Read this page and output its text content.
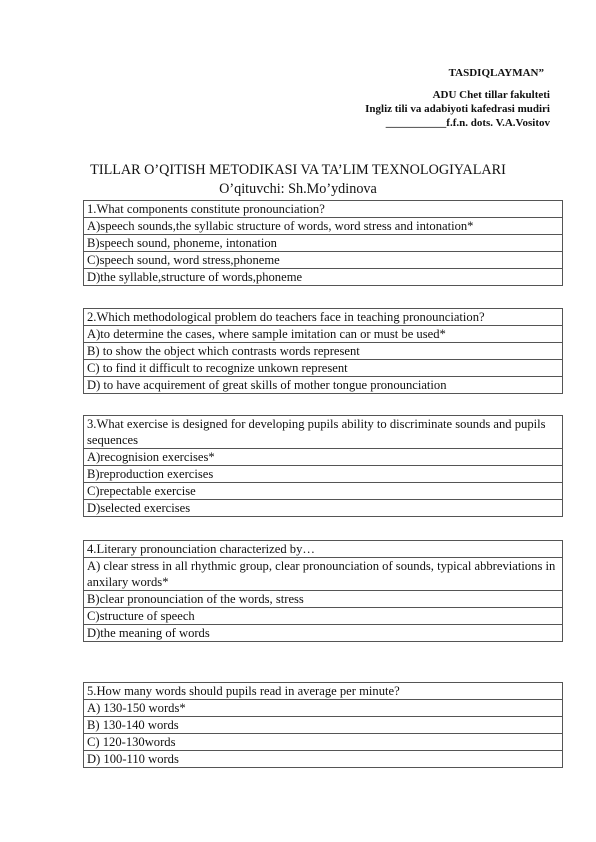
TASDIQLAYMAN”
ADU Chet tillar fakulteti
Ingliz tili va adabiyoti kafedrasi mudiri
___________f.f.n. dots. V.A.Vositov
TILLAR O’QITISH METODIKASI VA TA’LIM TEXNOLOGIYALARI
O’qituvchi: Sh.Mo’ydinova
1.What components constitute pronounciation?
A)speech sounds,the syllabic structure of words, word stress and intonation*
B)speech sound, phoneme, intonation
C)speech sound, word stress,phoneme
D)the syllable,structure of words,phoneme
2.Which methodological problem do teachers face in teaching pronounciation?
A)to determine the cases, where sample imitation can or must be used*
B) to show the object which contrasts words represent
C) to find it difficult to recognize unkown represent
D) to have acquirement of great skills of mother tongue pronounciation
3.What exercise is designed for developing pupils ability to discriminate sounds and pupils sequences
A)recognision exercises*
B)reproduction exercises
C)repectable exercise
D)selected exercises
4.Literary pronounciation characterized by…
A) clear stress in all rhythmic group, clear pronounciation of sounds, typical abbreviations in anxilary words*
B)clear pronounciation of the words, stress
C)structure of speech
D)the meaning of words
5.How many words should pupils read in average per minute?
A) 130-150 words*
B) 130-140 words
C) 120-130words
D) 100-110 words
